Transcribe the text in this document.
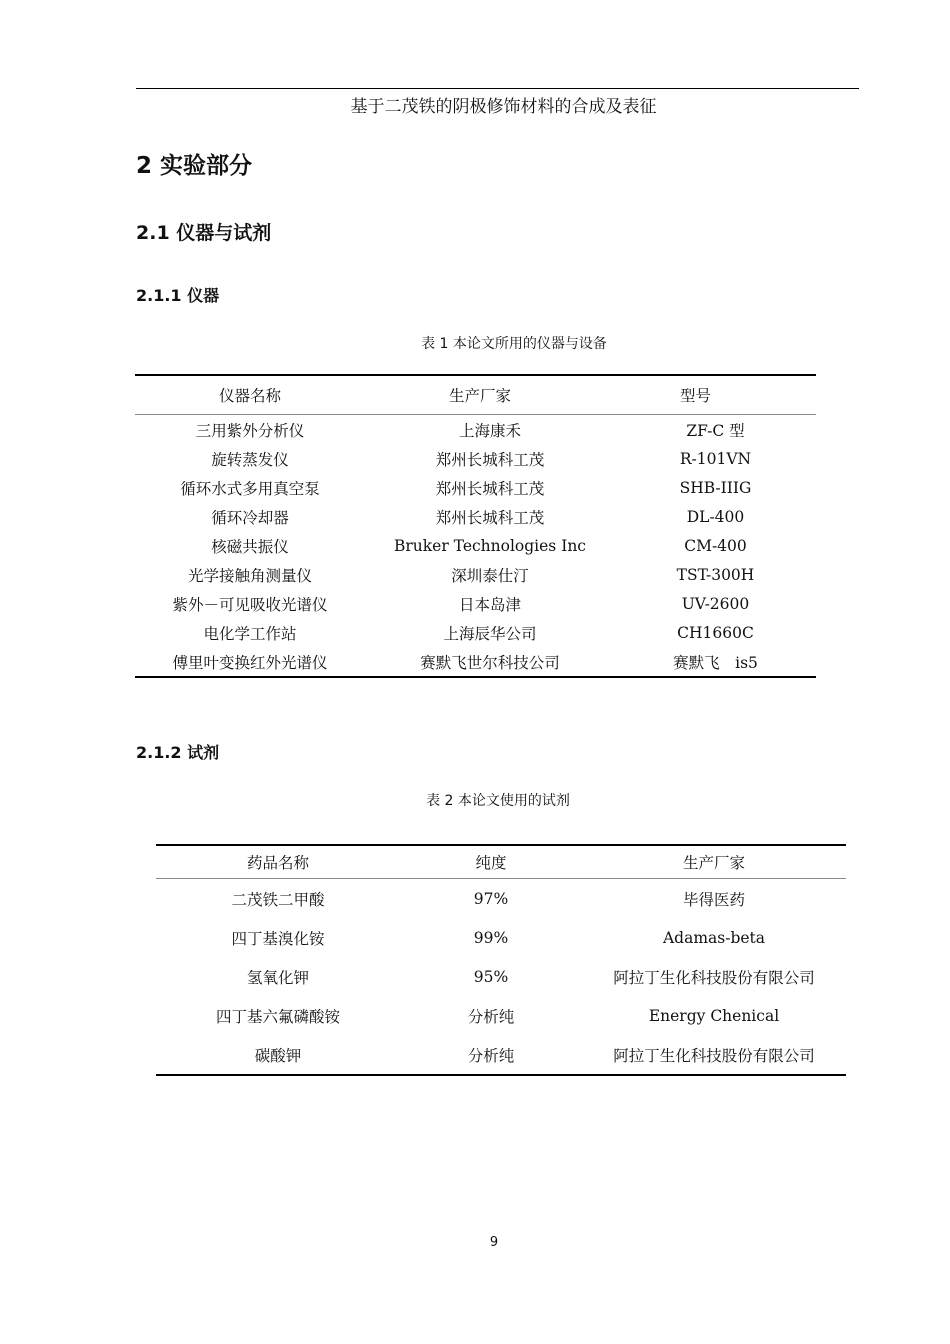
基于二茂铁的阴极修饰材料的合成及表征
2 实验部分
2.1 仪器与试剂
2.1.1 仪器
表 1 本论文所用的仪器与设备
仪器名称	生产厂家	型号
三用紫外分析仪	上海康禾	ZF-C 型
旋转蒸发仪	郑州长城科工茂	R-101VN
循环水式多用真空泵	郑州长城科工茂	SHB-IIIG
循环冷却器	郑州长城科工茂	DL-400
核磁共振仪	Bruker Technologies Inc	CM-400
光学接触角测量仪	深圳泰仕汀	TST-300H
紫外－可见吸收光谱仪	日本岛津	UV-2600
电化学工作站	上海辰华公司	CH1660C
傅里叶变换红外光谱仪	赛默飞世尔科技公司	赛默飞　is5
2.1.2 试剂
表 2 本论文使用的试剂
药品名称	纯度	生产厂家
二茂铁二甲酸	97%	毕得医药
四丁基溴化铵	99%	Adamas-beta
氢氧化钾	95%	阿拉丁生化科技股份有限公司
四丁基六氟磷酸铵	分析纯	Energy Chenical
碳酸钾	分析纯	阿拉丁生化科技股份有限公司
9
